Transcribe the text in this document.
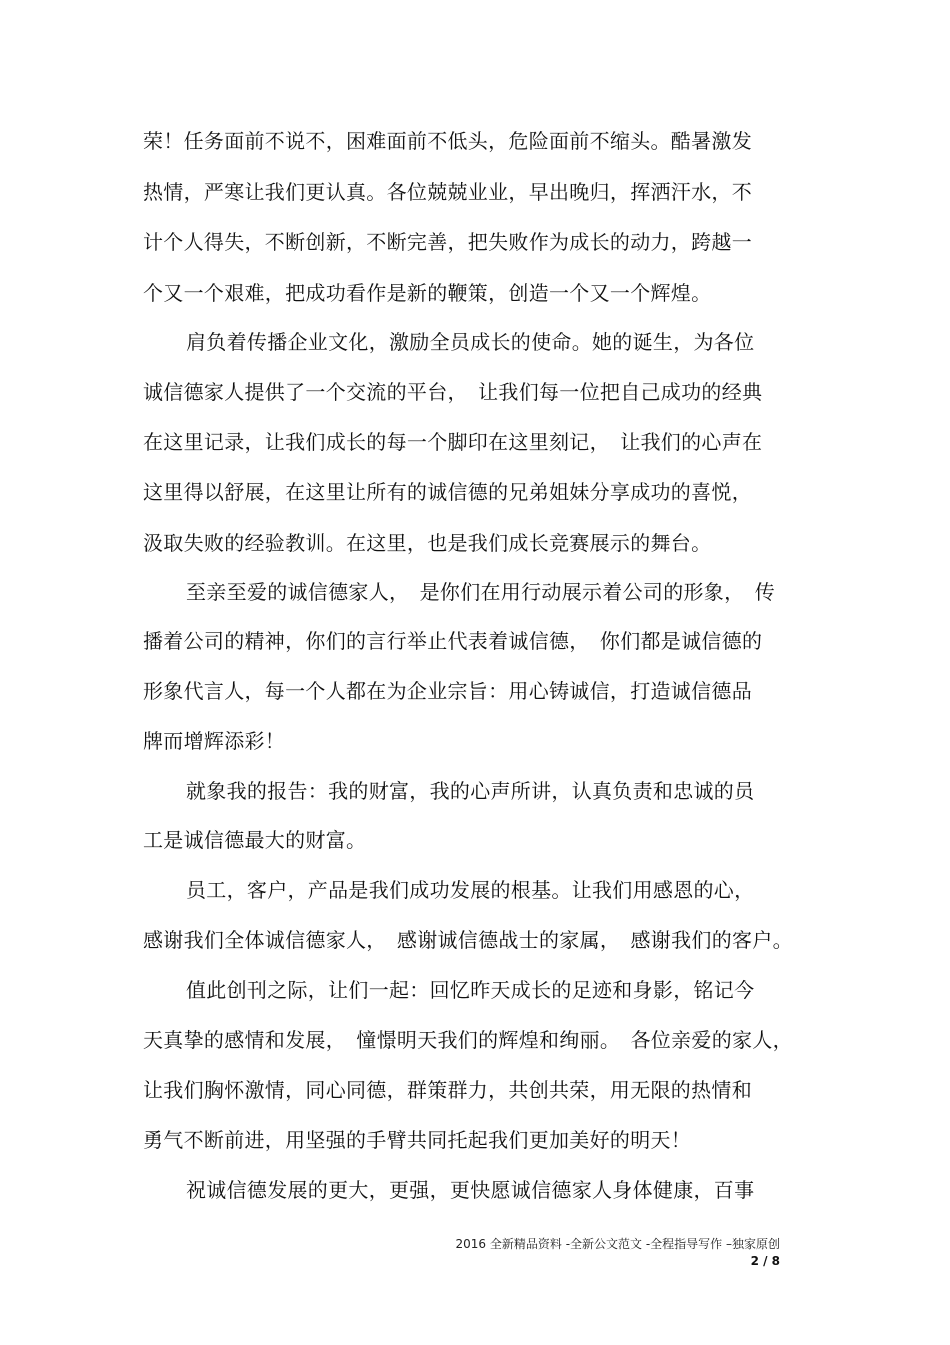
荣！任务面前不说不，困难面前不低头，危险面前不缩头。酷暑激发
热情，严寒让我们更认真。各位兢兢业业，早出晚归，挥洒汗水，不
计个人得失，不断创新，不断完善，把失败作为成长的动力，跨越一
个又一个艰难，把成功看作是新的鞭策，创造一个又一个辉煌。
肩负着传播企业文化，激励全员成长的使命。她的诞生，为各位
诚信德家人提供了一个交流的平台，　让我们每一位把自己成功的经典
在这里记录，让我们成长的每一个脚印在这里刻记，　让我们的心声在
这里得以舒展，在这里让所有的诚信德的兄弟姐妹分享成功的喜悦，
汲取失败的经验教训。在这里，也是我们成长竞赛展示的舞台。
至亲至爱的诚信德家人，　是你们在用行动展示着公司的形象，　传
播着公司的精神，你们的言行举止代表着诚信德，　你们都是诚信德的
形象代言人，每一个人都在为企业宗旨：用心铸诚信，打造诚信德品
牌而增辉添彩！
就象我的报告：我的财富，我的心声所讲，认真负责和忠诚的员
工是诚信德最大的财富。
员工，客户，产品是我们成功发展的根基。让我们用感恩的心，
感谢我们全体诚信德家人，　感谢诚信德战士的家属，　感谢我们的客户。
值此创刊之际，让们一起：回忆昨天成长的足迹和身影，铭记今
天真挚的感情和发展，　憧憬明天我们的辉煌和绚丽。　各位亲爱的家人，
让我们胸怀激情，同心同德，群策群力，共创共荣，用无限的热情和
勇气不断前进，用坚强的手臂共同托起我们更加美好的明天！
祝诚信德发展的更大，更强，更快愿诚信德家人身体健康，百事
2016 全新精品资料 -全新公文范文 -全程指导写作 –独家原创
2 / 8
